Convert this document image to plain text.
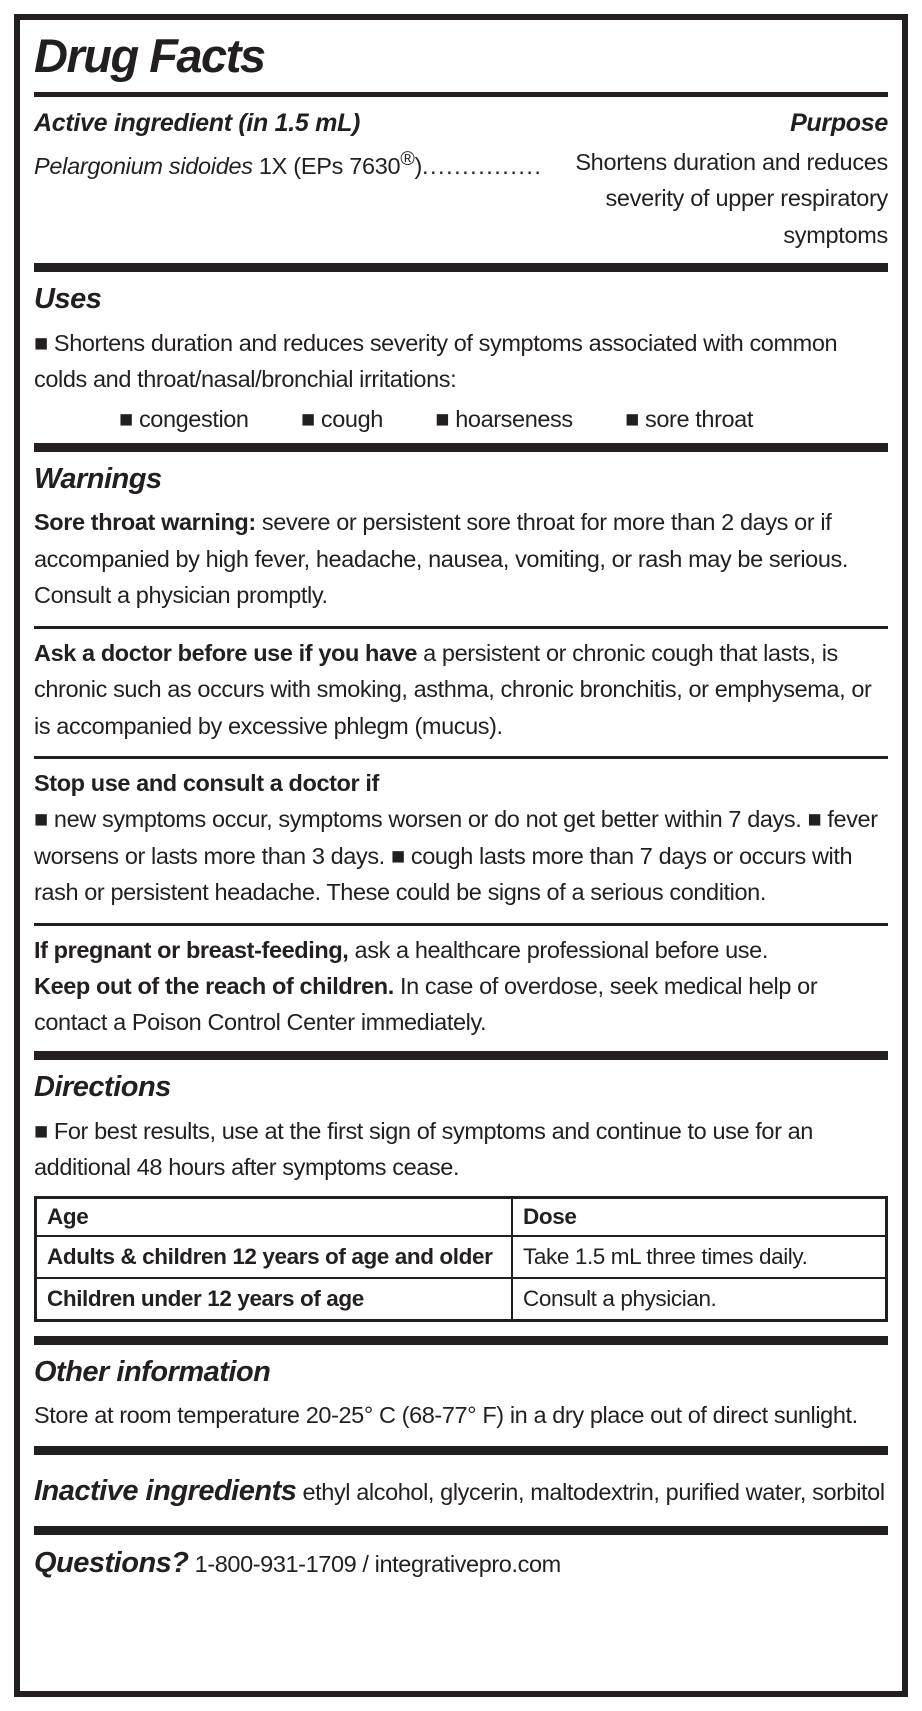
Drug Facts
Active ingredient (in 1.5 mL)	Purpose
Pelargonium sidoides 1X (EPs 7630®)...............	Shortens duration and reduces
severity of upper respiratory symptoms
Uses

■ Shortens duration and reduces severity of symptoms associated with common colds and throat/nasal/bronchial irritations:

■ congestion ■ cough ■ hoarseness ■ sore throat
Warnings

Sore throat warning: severe or persistent sore throat for more than 2 days or if accompanied by high fever, headache, nausea, vomiting, or rash may be serious. Consult a physician promptly.

Ask a doctor before use if you have a persistent or chronic cough that lasts, is chronic such as occurs with smoking, asthma, chronic bronchitis, or emphysema, or is accompanied by excessive phlegm (mucus).

Stop use and consult a doctor if
■ new symptoms occur, symptoms worsen or do not get better within 7 days. ■ fever worsens or lasts more than 3 days. ■ cough lasts more than 7 days or occurs with rash or persistent headache. These could be signs of a serious condition.

If pregnant or breast-feeding, ask a healthcare professional before use.

Keep out of the reach of children. In case of overdose, seek medical help or contact a Poison Control Center immediately.

Directions

■ For best results, use at the first sign of symptoms and continue to use for an additional 48 hours after symptoms cease.

Age	Dose
Adults & children 12 years of age and older	Take 1.5 mL three times daily.
Children under 12 years of age	Consult a physician.
Other information

Store at room temperature 20-25° C (68-77° F) in a dry place out of direct sunlight.

Inactive ingredients ethyl alcohol, glycerin, maltodextrin, purified water, sorbitol

Questions? 1-800-931-1709 / integrativepro.com
